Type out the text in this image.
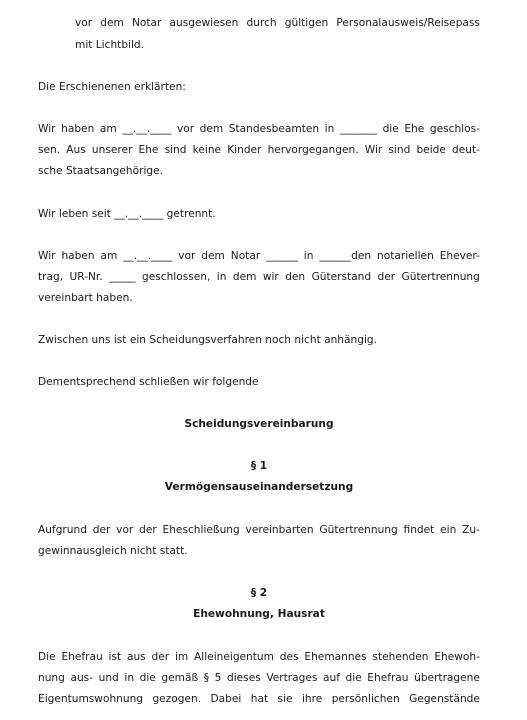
vor dem Notar ausgewiesen durch gültigen Personalausweis/Reisepass
mit Lichtbild.
Die Erschienenen erklärten:
Wir haben am __.__.____ vor dem Standesbeamten in _______ die Ehe geschlos-
sen. Aus unserer Ehe sind keine Kinder hervorgegangen. Wir sind beide deut-
sche Staatsangehörige.
Wir leben seit __.__.____ getrennt.
Wir haben am __.__.____ vor dem Notar ______ in ______den notariellen Ehever-
trag, UR-Nr. _____ geschlossen, in dem wir den Güterstand der Gütertrennung
vereinbart haben.
Zwischen uns ist ein Scheidungsverfahren noch nicht anhängig.
Dementsprechend schließen wir folgende
Scheidungsvereinbarung
§ 1
Vermögensauseinandersetzung
Aufgrund der vor der Eheschließung vereinbarten Gütertrennung findet ein Zu-
gewinnausgleich nicht statt.
§ 2
Ehewohnung, Hausrat
Die Ehefrau ist aus der im Alleineigentum des Ehemannes stehenden Ehewoh-
nung aus- und in die gemäß § 5 dieses Vertrages auf die Ehefrau übertragene
Eigentumswohnung gezogen. Dabei hat sie ihre persönlichen Gegenstände
